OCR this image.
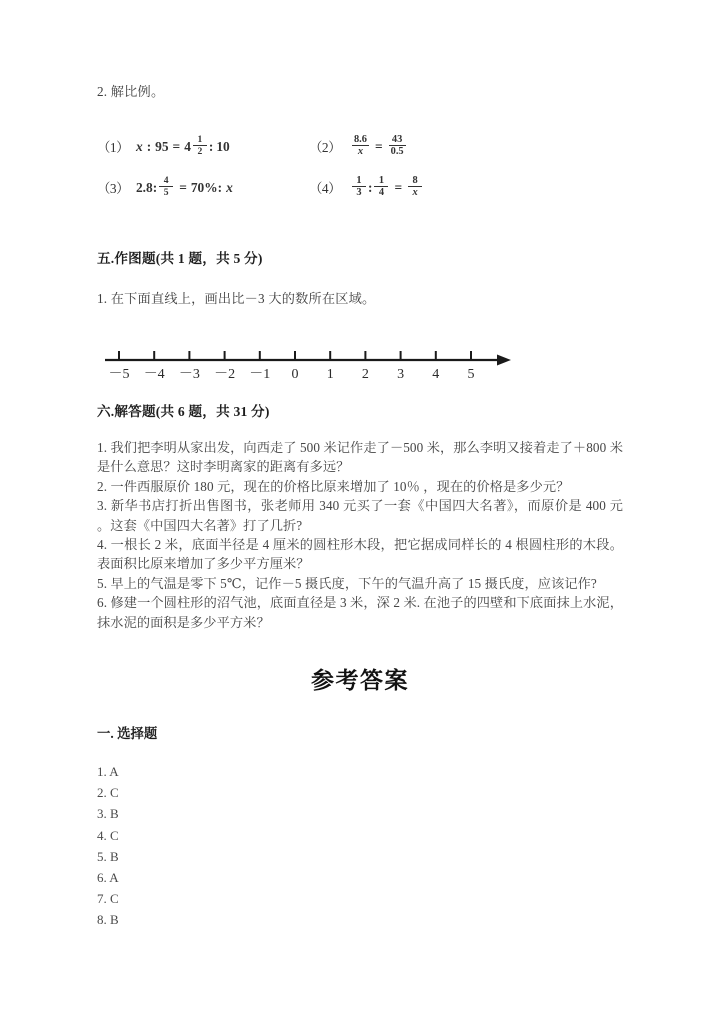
2. 解比例。
（1） x : $95 = 4 \frac{1}{2}$ : 10	$(2) \frac{8.6}{x} = \frac{43}{0.5}$
（3） 2.8 : $\frac{4}{5} = 70\%$ : x	$(4) \frac{1}{3}$ : $\frac{1}{4} = \frac{8}{x}$
五.作图题(共 1 题，共 5 分)
1. 在下面直线上，画出比－3 大的数所在区域。
－5 －4 －3 －2 －1 0 1 2 3 4 5
六.解答题(共 6 题，共 31 分)
1. 我们把李明从家出发，向西走了 500 米记作走了－500 米，那么李明又接着走了＋800 米是什么意思？这时李明离家的距离有多远？
2. 一件西服原价 180 元，现在的价格比原来增加了 10％ ，现在的价格是多少元？
3. 新华书店打折出售图书，张老师用 340 元买了一套《中国四大名著》，而原价是 400 元 。这套《中国四大名著》打了几折?
4. 一根长 2 米，底面半径是 4 厘米的圆柱形木段，把它据成同样长的 4 根圆柱形的木段。表面积比原来增加了多少平方厘米？
5. 早上的气温是零下 5℃，记作－5 摄氏度，下午的气温升高了 15 摄氏度，应该记作?
6. 修建一个圆柱形的沼气池，底面直径是 3 米，深 2 米. 在池子的四壁和下底面抹上水泥，抹水泥的面积是多少平方米？
参考答案
一. 选择题
1. A
2. C
3. B
4. C
5. B
6. A
7. C
8. B
